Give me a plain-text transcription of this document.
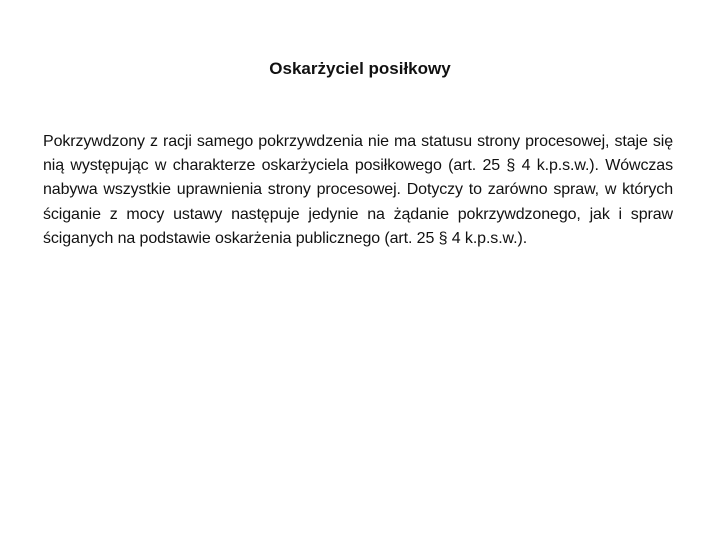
Oskarżyciel posiłkowy

Pokrzywdzony z racji samego pokrzywdzenia nie ma statusu strony procesowej, staje się nią występując w charakterze oskarżyciela posiłkowego (art. 25 § 4 k.p.s.w.). Wówczas nabywa wszystkie uprawnienia strony procesowej. Dotyczy to zarówno spraw, w których ściganie z mocy ustawy następuje jedynie na żądanie pokrzywdzonego, jak i spraw ściganych na podstawie oskarżenia publicznego (art. 25 § 4 k.p.s.w.).
